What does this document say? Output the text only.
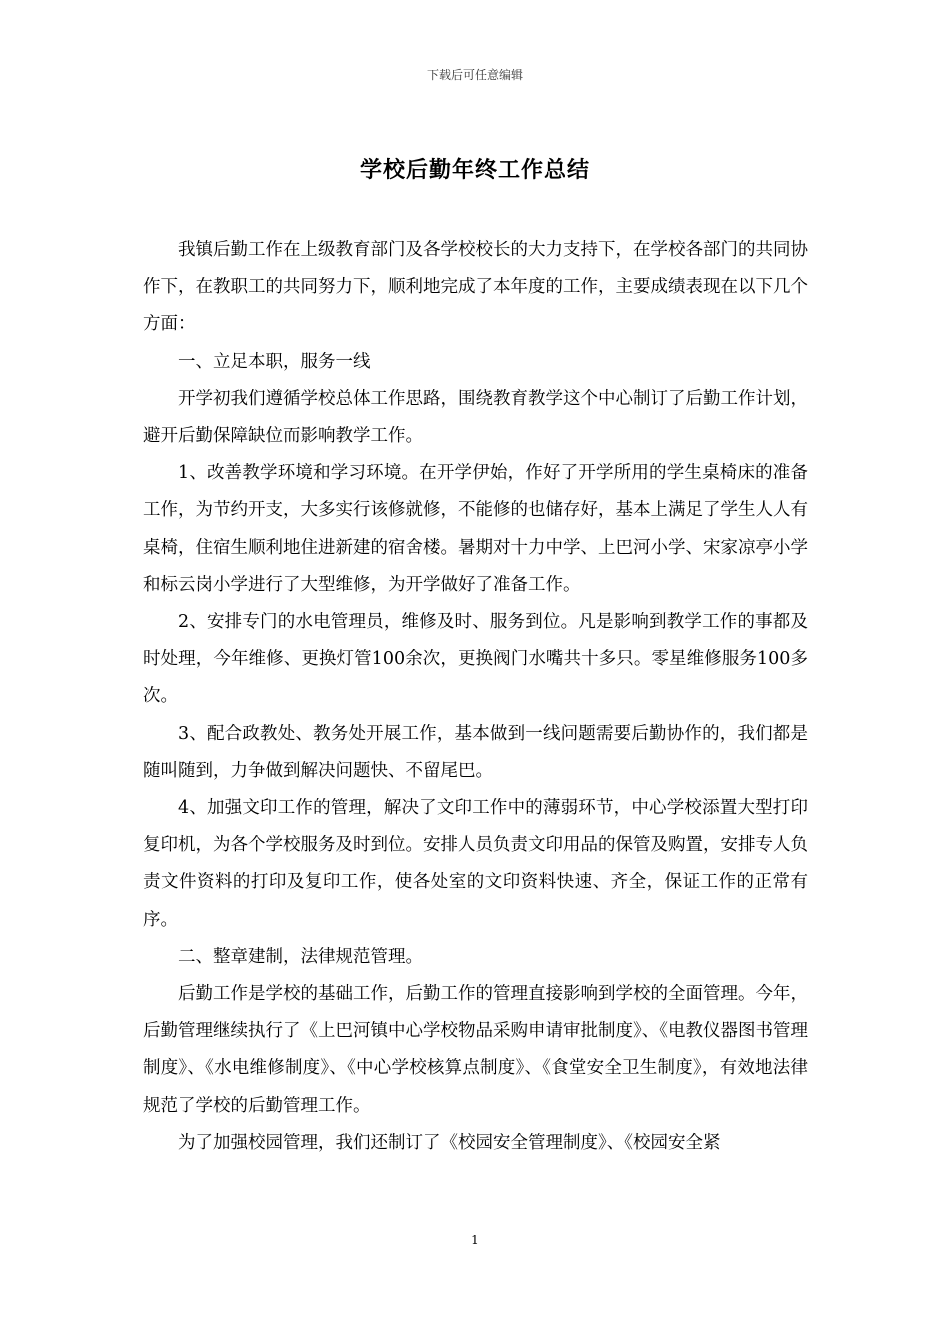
下载后可任意编辑
学校后勤年终工作总结

我镇后勤工作在上级教育部门及各学校校长的大力支持下，在学校各部门的共同协作下，在教职工的共同努力下，顺利地完成了本年度的工作，主要成绩表现在以下几个方面：

一、立足本职，服务一线

开学初我们遵循学校总体工作思路，围绕教育教学这个中心制订了后勤工作计划，避开后勤保障缺位而影响教学工作。

1、改善教学环境和学习环境。在开学伊始，作好了开学所用的学生桌椅床的准备工作，为节约开支，大多实行该修就修，不能修的也储存好，基本上满足了学生人人有桌椅，住宿生顺利地住进新建的宿舍楼。暑期对十力中学、上巴河小学、宋家凉亭小学和标云岗小学进行了大型维修，为开学做好了准备工作。

2、安排专门的水电管理员，维修及时、服务到位。凡是影响到教学工作的事都及时处理，今年维修、更换灯管100余次，更换阀门水嘴共十多只。零星维修服务100多次。

3、配合政教处、教务处开展工作，基本做到一线问题需要后勤协作的，我们都是随叫随到，力争做到解决问题快、不留尾巴。

4、加强文印工作的管理，解决了文印工作中的薄弱环节，中心学校添置大型打印复印机，为各个学校服务及时到位。安排人员负责文印用品的保管及购置，安排专人负责文件资料的打印及复印工作，使各处室的文印资料快速、齐全，保证工作的正常有序。

二、整章建制，法律规范管理。

后勤工作是学校的基础工作，后勤工作的管理直接影响到学校的全面管理。今年，后勤管理继续执行了《上巴河镇中心学校物品采购申请审批制度》、《电教仪器图书管理制度》、《水电维修制度》、《中心学校核算点制度》、《食堂安全卫生制度》，有效地法律规范了学校的后勤管理工作。

为了加强校园管理，我们还制订了《校园安全管理制度》、《校园安全紧

1
